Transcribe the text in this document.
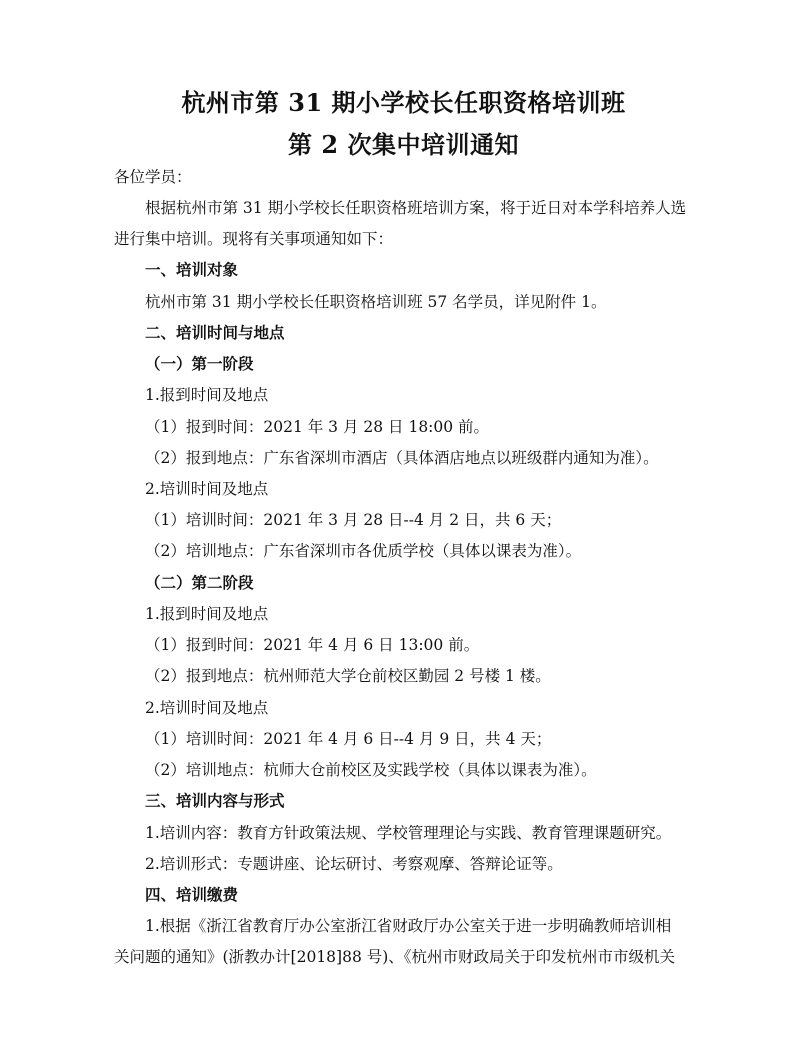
杭州市第 31 期小学校长任职资格培训班
第 2 次集中培训通知
各位学员：
根据杭州市第 31 期小学校长任职资格班培训方案，将于近日对本学科培养人选
进行集中培训。现将有关事项通知如下：
一、培训对象
杭州市第 31 期小学校长任职资格培训班 57 名学员，详见附件 1。
二、培训时间与地点
（一）第一阶段
1.报到时间及地点
（1）报到时间：2021 年 3 月 28 日 18:00 前。
（2）报到地点：广东省深圳市酒店（具体酒店地点以班级群内通知为准）。
2.培训时间及地点
（1）培训时间：2021 年 3 月 28 日--4 月 2 日，共 6 天；
（2）培训地点：广东省深圳市各优质学校（具体以课表为准）。
（二）第二阶段
1.报到时间及地点
（1）报到时间：2021 年 4 月 6 日 13:00 前。
（2）报到地点：杭州师范大学仓前校区勤园 2 号楼 1 楼。
2.培训时间及地点
（1）培训时间：2021 年 4 月 6 日--4 月 9 日，共 4 天；
（2）培训地点：杭师大仓前校区及实践学校（具体以课表为准）。
三、培训内容与形式
1.培训内容：教育方针政策法规、学校管理理论与实践、教育管理课题研究。
2.培训形式：专题讲座、论坛研讨、考察观摩、答辩论证等。
四、培训缴费
1.根据《浙江省教育厅办公室浙江省财政厅办公室关于进一步明确教师培训相
关问题的通知》(浙教办计[2018]88 号)、《杭州市财政局关于印发杭州市市级机关
